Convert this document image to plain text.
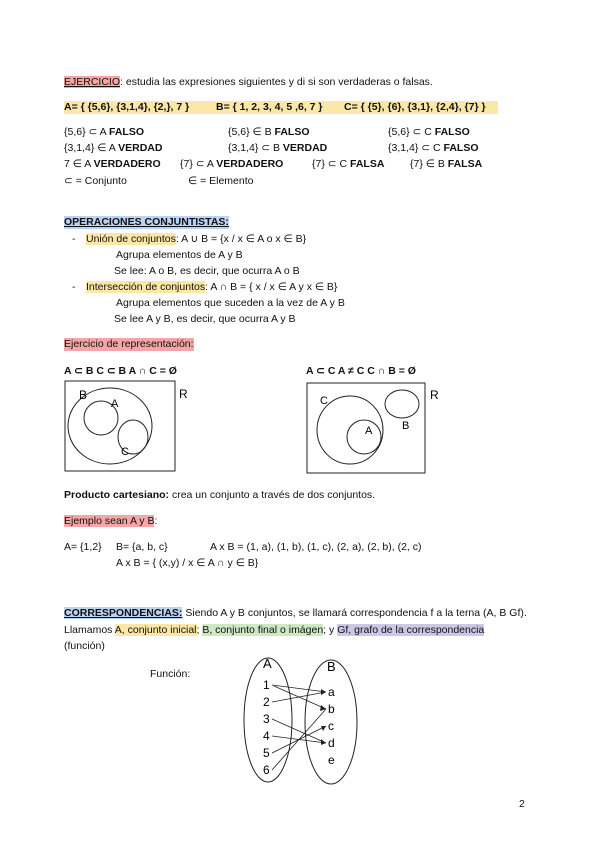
EJERCICIO: estudia las expresiones siguientes y di si son verdaderas o falsas.
A= { {5,6}, {3,1,4}, {2,}, 7 }	B= { 1, 2, 3, 4, 5 ,6, 7 } C= { {5}, {6}, {3,1}, {2,4}, {7} }
{5,6} ⊂ A FALSO	{5,6} ∈ B FALSO	{5,6} ⊂ C FALSO
{3,1,4} ∈ A VERDAD	{3,1,4} ⊂ B VERDAD	{3,1,4} ⊂ C FALSO
7 ∈ A VERDADERO {7} ⊂ A VERDADERO	{7} ⊂ C FALSA {7} ∈ B FALSA
⊂ = Conjunto	∈ = Elemento
OPERACIONES CONJUNTISTAS:
- Unión de conjuntos: A ∪ B = {x / x ∈ A o x ∈ B}
Agrupa elementos de A y B
Se lee: A o B, es decir, que ocurra A o B
- Intersección de conjuntos: A ∩ B = { x / x ∈ A y x ∈ B}
Agrupa elementos que suceden a la vez de A y B
Se lee A y B, es decir, que ocurra A y B
Ejercicio de representación:
A ⊂ B C ⊂ B A ∩ C = Ø	A ⊂ C A ≠ C C ∩ B = Ø
B
A
C
R	C
A	B
R
Producto cartesiano: crea un conjunto a través de dos conjuntos.
Ejemplo sean A y B:
A= {1,2} B= {a, b, c}	A x B = (1, a), (1, b), (1, c), (2, a), (2, b), (2, c)
A x B = { (x,y) / x ∈ A ∩ y ∈ B}
CORRESPONDENCIAS: Siendo A y B conjuntos, se llamará correspondencia f a la terna (A, B Gf).
Llamamos A, conjunto inicial; B, conjunto final o imágen; y Gf, grafo de la correspondencia
(función)
Función:
A	B
1
2
3
4
5
6
a
b
c
d
e
2
